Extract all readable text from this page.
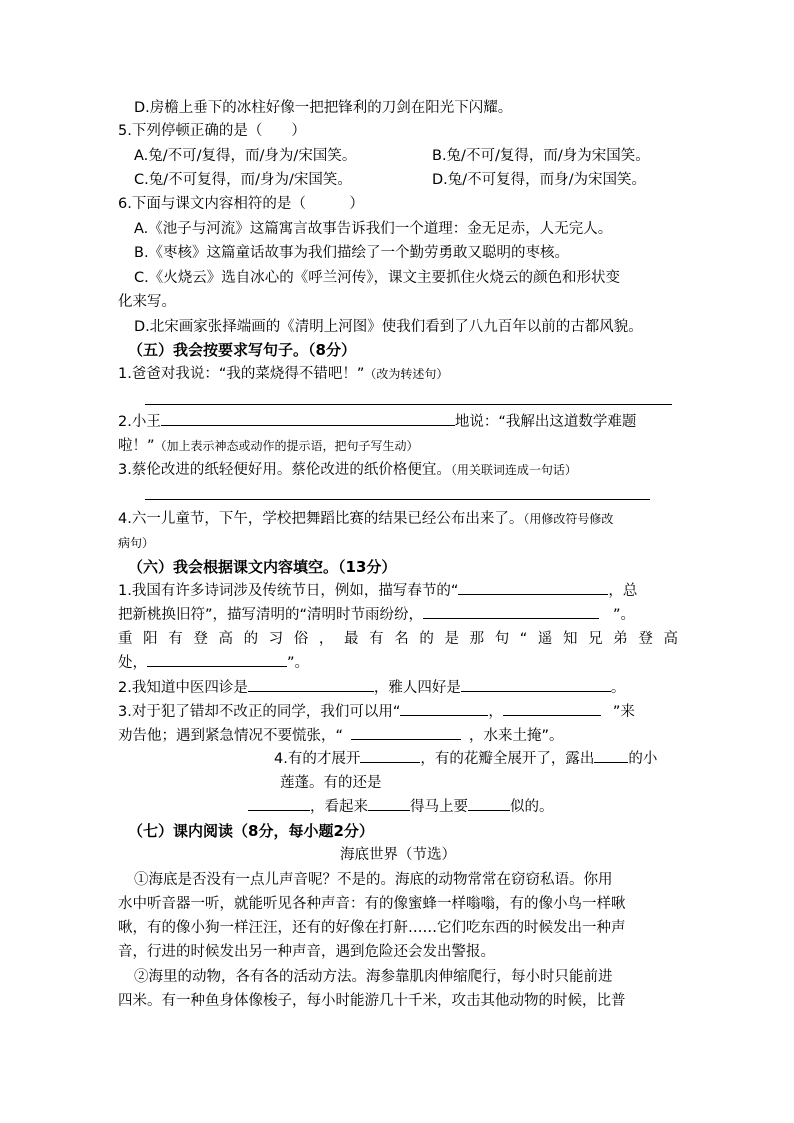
D.房檐上垂下的冰柱好像一把把锋利的刀剑在阳光下闪耀。
5.下列停顿正确的是（　　）
A.兔/不可/复得，而/身为/宋国笑。	B.兔/不可/复得，而/身为宋国笑。
C.兔/不可复得，而/身为/宋国笑。	D.兔/不可复得，而身/为宋国笑。
6.下面与课文内容相符的是（　　　）
A.《池子与河流》这篇寓言故事告诉我们一个道理：金无足赤，人无完人。
B.《枣核》这篇童话故事为我们描绘了一个勤劳勇敢又聪明的枣核。
C.《火烧云》选自冰心的《呼兰河传》，课文主要抓住火烧云的颜色和形状变
化来写。
D.北宋画家张择端画的《清明上河图》使我们看到了八九百年以前的古都风貌。
（五）我会按要求写句子。（8分）
1.爸爸对我说：“我的菜烧得不错吧！”（改为转述句）
2.小王	地说：“我解出这道数学难题
啦！”（加上表示神态或动作的提示语，把句子写生动）
3.蔡伦改进的纸轻便好用。蔡伦改进的纸价格便宜。（用关联词连成一句话）
4.六一儿童节，下午，学校把舞蹈比赛的结果已经公布出来了。（用修改符号修改
病句）
（六）我会根据课文内容填空。（13分）
1.我国有许多诗词涉及传统节日，例如，描写春节的“	，总
把新桃换旧符”，描写清明的“清明时节雨纷纷，	”。
重阳有登高的习俗，最有名的是那句“遥知兄弟登高
处，	”。
2.我知道中医四诊是	，雅人四好是	。
3.对于犯了错却不改正的同学，我们可以用“	，	”来
劝告他；遇到紧急情况不要慌张，“	，水来土掩”。
4.有的才展开	，有的花瓣全展开了，露出 的小
莲蓬。有的还是
，看起来	得马上要	似的。
（七）课内阅读（8分，每小题2分）
海底世界（节选）
①海底是否没有一点儿声音呢？不是的。海底的动物常常在窃窃私语。你用
水中听音器一听，就能听见各种声音：有的像蜜蜂一样嗡嗡，有的像小鸟一样啾
啾，有的像小狗一样汪汪，还有的好像在打鼾……它们吃东西的时候发出一种声
音，行进的时候发出另一种声音，遇到危险还会发出警报。
②海里的动物，各有各的活动方法。海参靠肌肉伸缩爬行，每小时只能前进
四米。有一种鱼身体像梭子，每小时能游几十千米，攻击其他动物的时候，比普
